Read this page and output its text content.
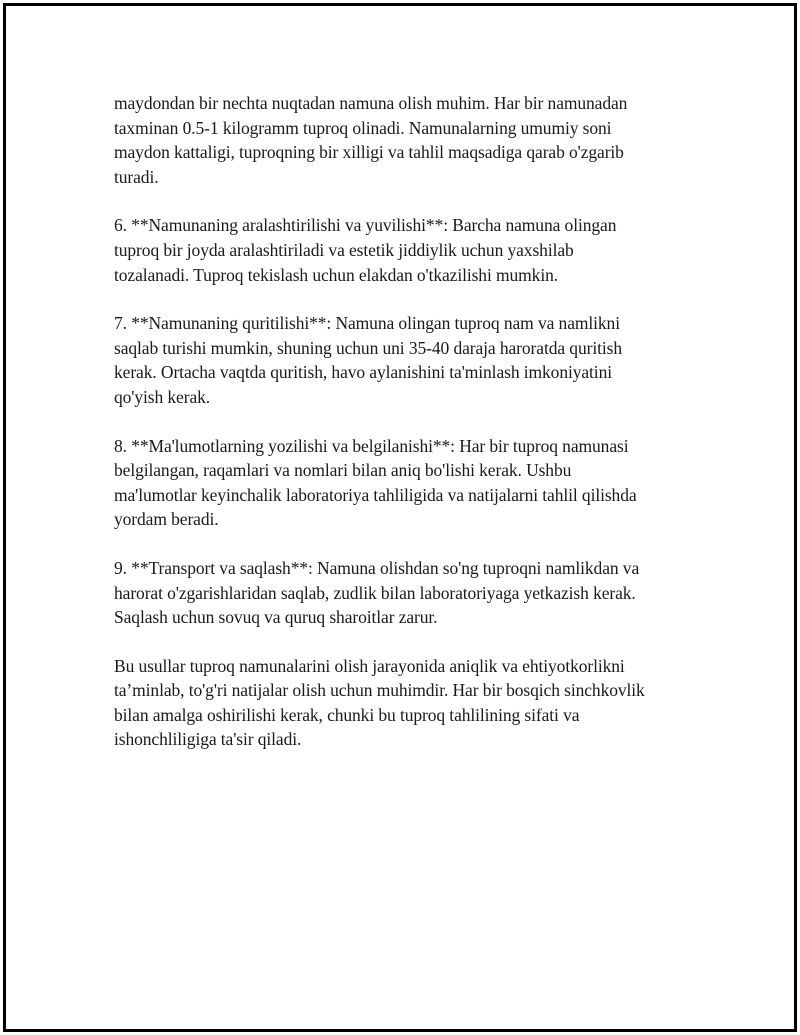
maydondan bir nechta nuqtadan namuna olish muhim. Har bir namunadan
taxminan 0.5-1 kilogramm tuproq olinadi. Namunalarning umumiy soni
maydon kattaligi, tuproqning bir xilligi va tahlil maqsadiga qarab o'zgarib
turadi.

6. **Namunaning aralashtirilishi va yuvilishi**: Barcha namuna olingan
tuproq bir joyda aralashtiriladi va estetik jiddiylik uchun yaxshilab
tozalanadi. Tuproq tekislash uchun elakdan o'tkazilishi mumkin.

7. **Namunaning quritilishi**: Namuna olingan tuproq nam va namlikni
saqlab turishi mumkin, shuning uchun uni 35-40 daraja haroratda quritish
kerak. Ortacha vaqtda quritish, havo aylanishini ta'minlash imkoniyatini
qo'yish kerak.

8. **Ma'lumotlarning yozilishi va belgilanishi**: Har bir tuproq namunasi
belgilangan, raqamlari va nomlari bilan aniq bo'lishi kerak. Ushbu
ma'lumotlar keyinchalik laboratoriya tahliligida va natijalarni tahlil qilishda
yordam beradi.

9. **Transport va saqlash**: Namuna olishdan so'ng tuproqni namlikdan va
harorat o'zgarishlaridan saqlab, zudlik bilan laboratoriyaga yetkazish kerak.
Saqlash uchun sovuq va quruq sharoitlar zarur.

Bu usullar tuproq namunalarini olish jarayonida aniqlik va ehtiyotkorlikni
ta’minlab, to'g'ri natijalar olish uchun muhimdir. Har bir bosqich sinchkovlik
bilan amalga oshirilishi kerak, chunki bu tuproq tahlilining sifati va
ishonchliligiga ta'sir qiladi.
